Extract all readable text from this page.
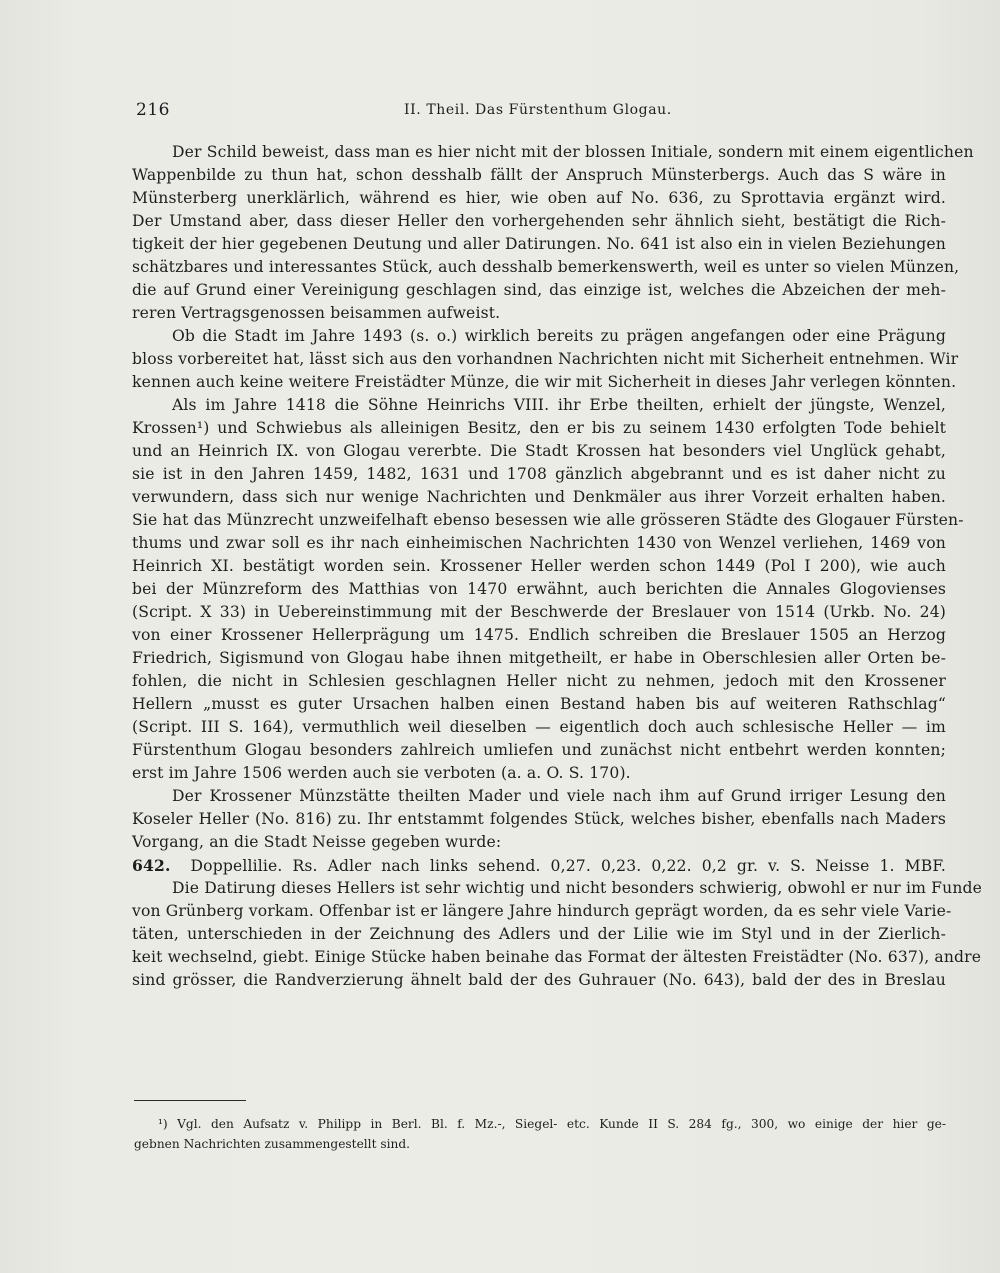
216	II. Theil. Das Fürstenthum Glogau.
Der Schild beweist, dass man es hier nicht mit der blossen Initiale, sondern mit einem eigentlichen
Wappenbilde zu thun hat, schon desshalb fällt der Anspruch Münsterbergs. Auch das S wäre in
Münsterberg unerklärlich, während es hier, wie oben auf No. 636, zu Sprottavia ergänzt wird.
Der Umstand aber, dass dieser Heller den vorhergehenden sehr ähnlich sieht, bestätigt die Rich-
tigkeit der hier gegebenen Deutung und aller Datirungen. No. 641 ist also ein in vielen Beziehungen
schätzbares und interessantes Stück, auch desshalb bemerkenswerth, weil es unter so vielen Münzen,
die auf Grund einer Vereinigung geschlagen sind, das einzige ist, welches die Abzeichen der meh-
reren Vertragsgenossen beisammen aufweist.
Ob die Stadt im Jahre 1493 (s. o.) wirklich bereits zu prägen angefangen oder eine Prägung
bloss vorbereitet hat, lässt sich aus den vorhandnen Nachrichten nicht mit Sicherheit entnehmen. Wir
kennen auch keine weitere Freistädter Münze, die wir mit Sicherheit in dieses Jahr verlegen könnten.
Als im Jahre 1418 die Söhne Heinrichs VIII. ihr Erbe theilten, erhielt der jüngste, Wenzel,
Krossen¹) und Schwiebus als alleinigen Besitz, den er bis zu seinem 1430 erfolgten Tode behielt
und an Heinrich IX. von Glogau vererbte. Die Stadt Krossen hat besonders viel Unglück gehabt,
sie ist in den Jahren 1459, 1482, 1631 und 1708 gänzlich abgebrannt und es ist daher nicht zu
verwundern, dass sich nur wenige Nachrichten und Denkmäler aus ihrer Vorzeit erhalten haben.
Sie hat das Münzrecht unzweifelhaft ebenso besessen wie alle grösseren Städte des Glogauer Fürsten-
thums und zwar soll es ihr nach einheimischen Nachrichten 1430 von Wenzel verliehen, 1469 von
Heinrich XI. bestätigt worden sein. Krossener Heller werden schon 1449 (Pol I 200), wie auch
bei der Münzreform des Matthias von 1470 erwähnt, auch berichten die Annales Glogovienses
(Script. X 33) in Uebereinstimmung mit der Beschwerde der Breslauer von 1514 (Urkb. No. 24)
von einer Krossener Hellerprägung um 1475. Endlich schreiben die Breslauer 1505 an Herzog
Friedrich, Sigismund von Glogau habe ihnen mitgetheilt, er habe in Oberschlesien aller Orten be-
fohlen, die nicht in Schlesien geschlagnen Heller nicht zu nehmen, jedoch mit den Krossener
Hellern „musst es guter Ursachen halben einen Bestand haben bis auf weiteren Rathschlag“
(Script. III S. 164), vermuthlich weil dieselben — eigentlich doch auch schlesische Heller — im
Fürstenthum Glogau besonders zahlreich umliefen und zunächst nicht entbehrt werden konnten;
erst im Jahre 1506 werden auch sie verboten (a. a. O. S. 170).
Der Krossener Münzstätte theilten Mader und viele nach ihm auf Grund irriger Lesung den
Koseler Heller (No. 816) zu. Ihr entstammt folgendes Stück, welches bisher, ebenfalls nach Maders
Vorgang, an die Stadt Neisse gegeben wurde:
642. Doppellilie. Rs. Adler nach links sehend. 0,27. 0,23. 0,22. 0,2 gr. v. S. Neisse 1. MBF.
Die Datirung dieses Hellers ist sehr wichtig und nicht besonders schwierig, obwohl er nur im Funde
von Grünberg vorkam. Offenbar ist er längere Jahre hindurch geprägt worden, da es sehr viele Varie-
täten, unterschieden in der Zeichnung des Adlers und der Lilie wie im Styl und in der Zierlich-
keit wechselnd, giebt. Einige Stücke haben beinahe das Format der ältesten Freistädter (No. 637), andre
sind grösser, die Randverzierung ähnelt bald der des Guhrauer (No. 643), bald der des in Breslau
¹) Vgl. den Aufsatz v. Philipp in Berl. Bl. f. Mz.-, Siegel- etc. Kunde II S. 284 fg., 300, wo einige der hier ge-
gebnen Nachrichten zusammengestellt sind.
